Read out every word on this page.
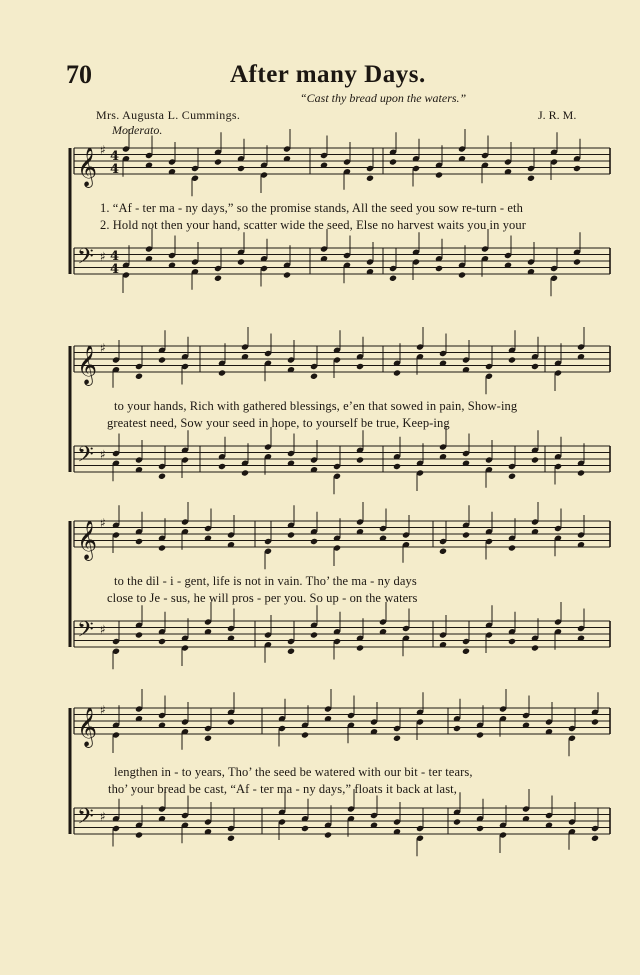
70	After many Days.
“Cast thy bread upon the waters.”
Mrs. Augusta L. Cummings.	J. R. M.
Moderato.
𝄞 ♯ 4
4
𝄢 ♯ 4
4
1. “Af - ter ma - ny days,” so the promise stands, All the seed you sow re-turn - eth
2. Hold not then your hand, scatter wide the seed, Else no harvest waits you in your
𝄞 ♯
𝄢 ♯
to your hands, Rich with gathered blessings, e’en that sowed in pain, Show-ing
greatest need, Sow your seed in hope, to yourself be true, Keep-ing
𝄞 ♯
𝄢 ♯
to the dil - i - gent, life is not in vain. Tho’ the ma - ny days
close to Je - sus, he will pros - per you. So up - on the waters
𝄞 ♯
𝄢 ♯
lengthen in - to years, Tho’ the seed be watered with our bit - ter tears,
tho’ your bread be cast, “Af - ter ma - ny days,” floats it back at last,
